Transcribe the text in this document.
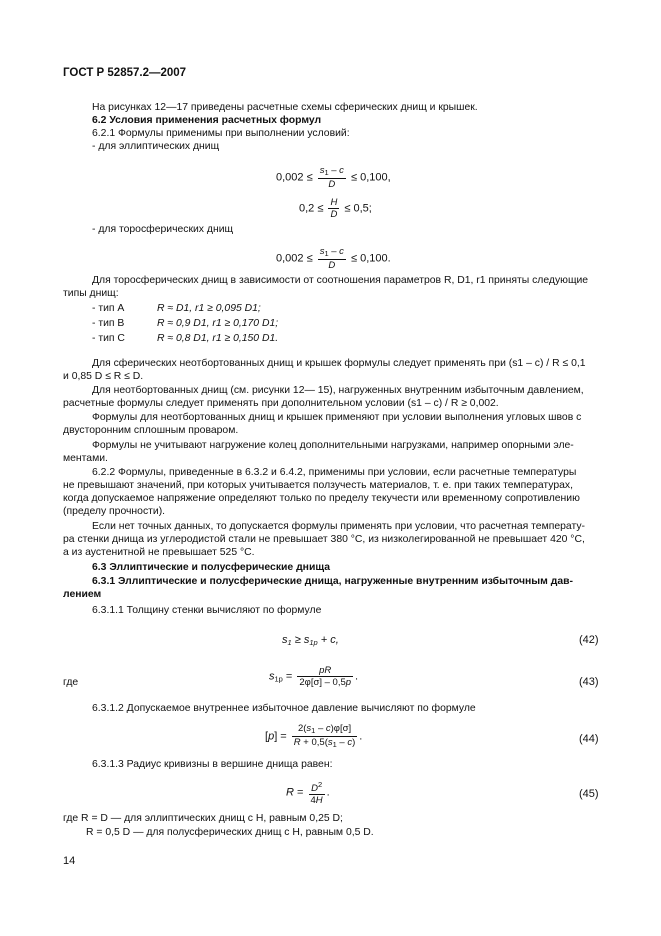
ГОСТ Р 52857.2—2007
На рисунках 12—17 приведены расчетные схемы сферических днищ и крышек.
6.2 Условия применения расчетных формул
6.2.1 Формулы применимы при выполнении условий:
- для эллиптических днищ
$0,002 \le \frac{s_1 - c}{D} \le 0,100$,
$0,2 \le \frac{H}{D} \le 0,5$;
- для торосферических днищ
$0,002 \le \frac{s_1 - c}{D} \le 0,100$.
Для торосферических днищ в зависимости от соотношения параметров R, D1, r1 приняты следующие
типы днищ:
- тип А	R ≈ D1, r1 ≥ 0,095 D1;
- тип В	R ≈ 0,9 D1, r1 ≥ 0,170 D1;
- тип С	R ≈ 0,8 D1, r1 ≥ 0,150 D1.
Для сферических неотбортованных днищ и крышек формулы следует применять при (s1 – c) / R ≤ 0,1
и 0,85 D ≤ R ≤ D.
Для неотбортованных днищ (см. рисунки 12— 15), нагруженных внутренним избыточным давлением,
расчетные формулы следует применять при дополнительном условии (s1 – c) / R ≥ 0,002.
Формулы для неотбортованных днищ и крышек применяют при условии выполнения угловых швов с
двусторонним сплошным проваром.
Формулы не учитывают нагружение колец дополнительными нагрузками, например опорными эле-
ментами.
6.2.2 Формулы, приведенные в 6.3.2 и 6.4.2, применимы при условии, если расчетные температуры
не превышают значений, при которых учитывается ползучесть материалов, т. е. при таких температурах,
когда допускаемое напряжение определяют только по пределу текучести или временному сопротивлению
(пределу прочности).
Если нет точных данных, то допускается формулы применять при условии, что расчетная температу-
ра стенки днища из углеродистой стали не превышает 380 °С, из низколегированной не превышает 420 °С,
а из аустенитной не превышает 525 °С.
6.3 Эллиптические и полусферические днища
6.3.1 Эллиптические и полусферические днища, нагруженные внутренним избыточным дав-
лением
6.3.1.1 Толщину стенки вычисляют по формуле
$s_1 \ge s_{1р} + c$,	(42)
где
$s_{1р} = \frac{pR}{2\varphi[\sigma] - 0,5p}$ .	(43)
6.3.1.2 Допускаемое внутреннее избыточное давление вычисляют по формуле
$[p] = \frac{2(s_1 - c)\varphi[\sigma]}{R + 0,5(s_1 - c)}$ .	(44)
6.3.1.3 Радиус кривизны в вершине днища равен:
$R = \frac{D^2}{4H}$ .	(45)
где R = D — для эллиптических днищ с H, равным 0,25 D;
R = 0,5 D — для полусферических днищ с H, равным 0,5 D.
14
